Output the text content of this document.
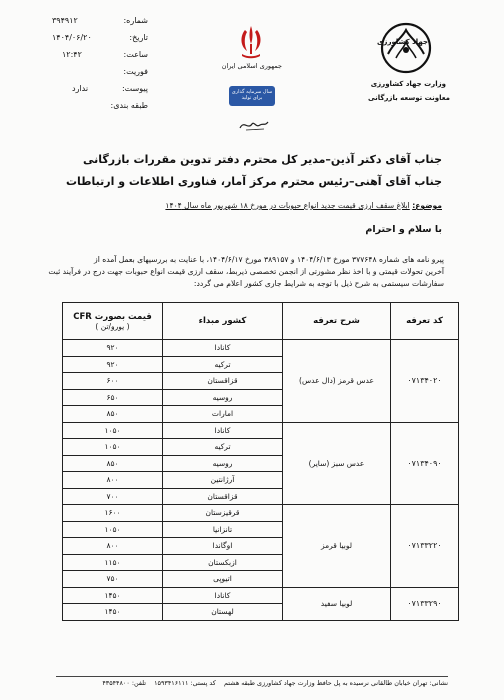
شماره:
۳۹۴۹۱۲
تاریخ:
۱۴۰۴/۰۶/۲۰
ساعت:
۱۲:۴۲
فوریت:
پیوست:
ندارد
طبقه بندی:
جمهوری اسلامی ایران
سال سرمایه گذاری برای تولید
جهاد کشاورزی
وزارت جهاد کشاورزی
معاونت توسعه بازرگانی
جناب آقای دکتر آذین–مدیر کل محترم دفتر تدوین مقررات بازرگانی
جناب آقای آهنی–رئیس محترم مرکز آمار، فناوری اطلاعات و ارتباطات
موضوع: ابلاغ سقف ارزی قیمت جدید انواع حبوبات در مورخ ۱۸ شهریور ماه سال ۱۴۰۴
با سلام و احترام
پیرو نامه های شماره ۳۷۷۶۴۸ مورخ ۱۴۰۴/۶/۱۳ و ۳۸۹۱۵۷ مورخ ۱۴۰۴/۶/۱۷، با عنایت به بررسیهای بعمل آمده از
آخرین تحولات قیمتی و با اخذ نظر مشورتی از انجمن تخصصی ذیربط، سقف ارزی قیمت انواع حبوبات جهت درج در فرآیند ثبت
سفارشات سیستمی به شرح ذیل با توجه به شرایط جاری کشور اعلام می گردد:
کد تعرفه	شرح تعرفه	کشور مبداء	قیمت بصورت CFR
( یورو/تن )

۰۷۱۳۴۰۲۰	عدس قرمز (دال عدس)	کانادا	۹۲۰
		ترکیه	۹۲۰
		قزاقستان	۶۰۰
		روسیه	۶۵۰
		امارات	۸۵۰
۰۷۱۳۴۰۹۰	عدس سبز (سایر)	کانادا	۱۰۵۰
		ترکیه	۱۰۵۰
		روسیه	۸۵۰
		آرژانتین	۸۰۰
		قزاقستان	۷۰۰
۰۷۱۳۳۲۲۰	لوبیا قرمز	قرقیزستان	۱۶۰۰
		تانزانیا	۱۰۵۰
		اوگاندا	۸۰۰
		ازبکستان	۱۱۵۰
		اتیوپی	۷۵۰
۰۷۱۳۳۲۹۰	لوبیا سفید	کانادا	۱۴۵۰
		لهستان	۱۴۵۰
نشانی: تهران خیابان طالقانی نرسیده به پل حافظ وزارت جهاد کشاورزی طبقه هشتم    کد پستی: ۱۵۹۳۴۱۶۱۱۱    تلفن: ۴۳۵۴۴۸۰۰
